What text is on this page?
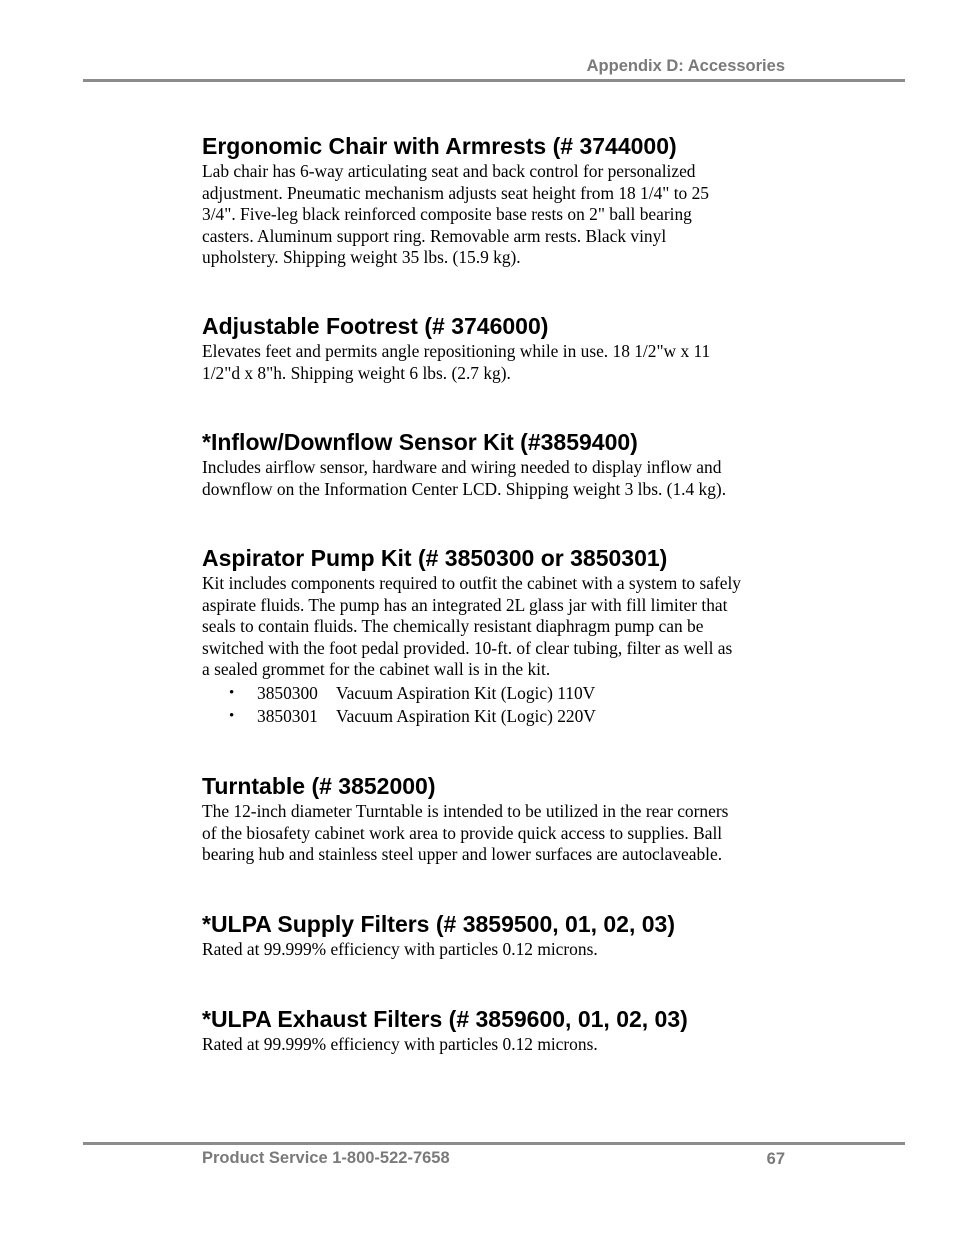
Appendix D: Accessories
Ergonomic Chair with Armrests (# 3744000)

Lab chair has 6-way articulating seat and back control for personalized
adjustment. Pneumatic mechanism adjusts seat height from 18 1/4" to 25
3/4". Five-leg black reinforced composite base rests on 2" ball bearing
casters. Aluminum support ring. Removable arm rests. Black vinyl
upholstery. Shipping weight 35 lbs. (15.9 kg).

Adjustable Footrest (# 3746000)

Elevates feet and permits angle repositioning while in use. 18 1/2"w x 11
1/2"d x 8"h. Shipping weight 6 lbs. (2.7 kg).

*Inflow/Downflow Sensor Kit (#3859400)

Includes airflow sensor, hardware and wiring needed to display inflow and
downflow on the Information Center LCD. Shipping weight 3 lbs. (1.4 kg).

Aspirator Pump Kit (# 3850300 or 3850301)

Kit includes components required to outfit the cabinet with a system to safely
aspirate fluids. The pump has an integrated 2L glass jar with fill limiter that
seals to contain fluids. The chemically resistant diaphragm pump can be
switched with the foot pedal provided. 10-ft. of clear tubing, filter as well as
a sealed grommet for the cabinet wall is in the kit.

• 3850300 Vacuum Aspiration Kit (Logic) 110V
• 3850301 Vacuum Aspiration Kit (Logic) 220V
Turntable (# 3852000)

The 12-inch diameter Turntable is intended to be utilized in the rear corners
of the biosafety cabinet work area to provide quick access to supplies. Ball
bearing hub and stainless steel upper and lower surfaces are autoclaveable.

*ULPA Supply Filters (# 3859500, 01, 02, 03)

Rated at 99.999% efficiency with particles 0.12 microns.

*ULPA Exhaust Filters (# 3859600, 01, 02, 03)

Rated at 99.999% efficiency with particles 0.12 microns.

Product Service 1-800-522-7658	67
